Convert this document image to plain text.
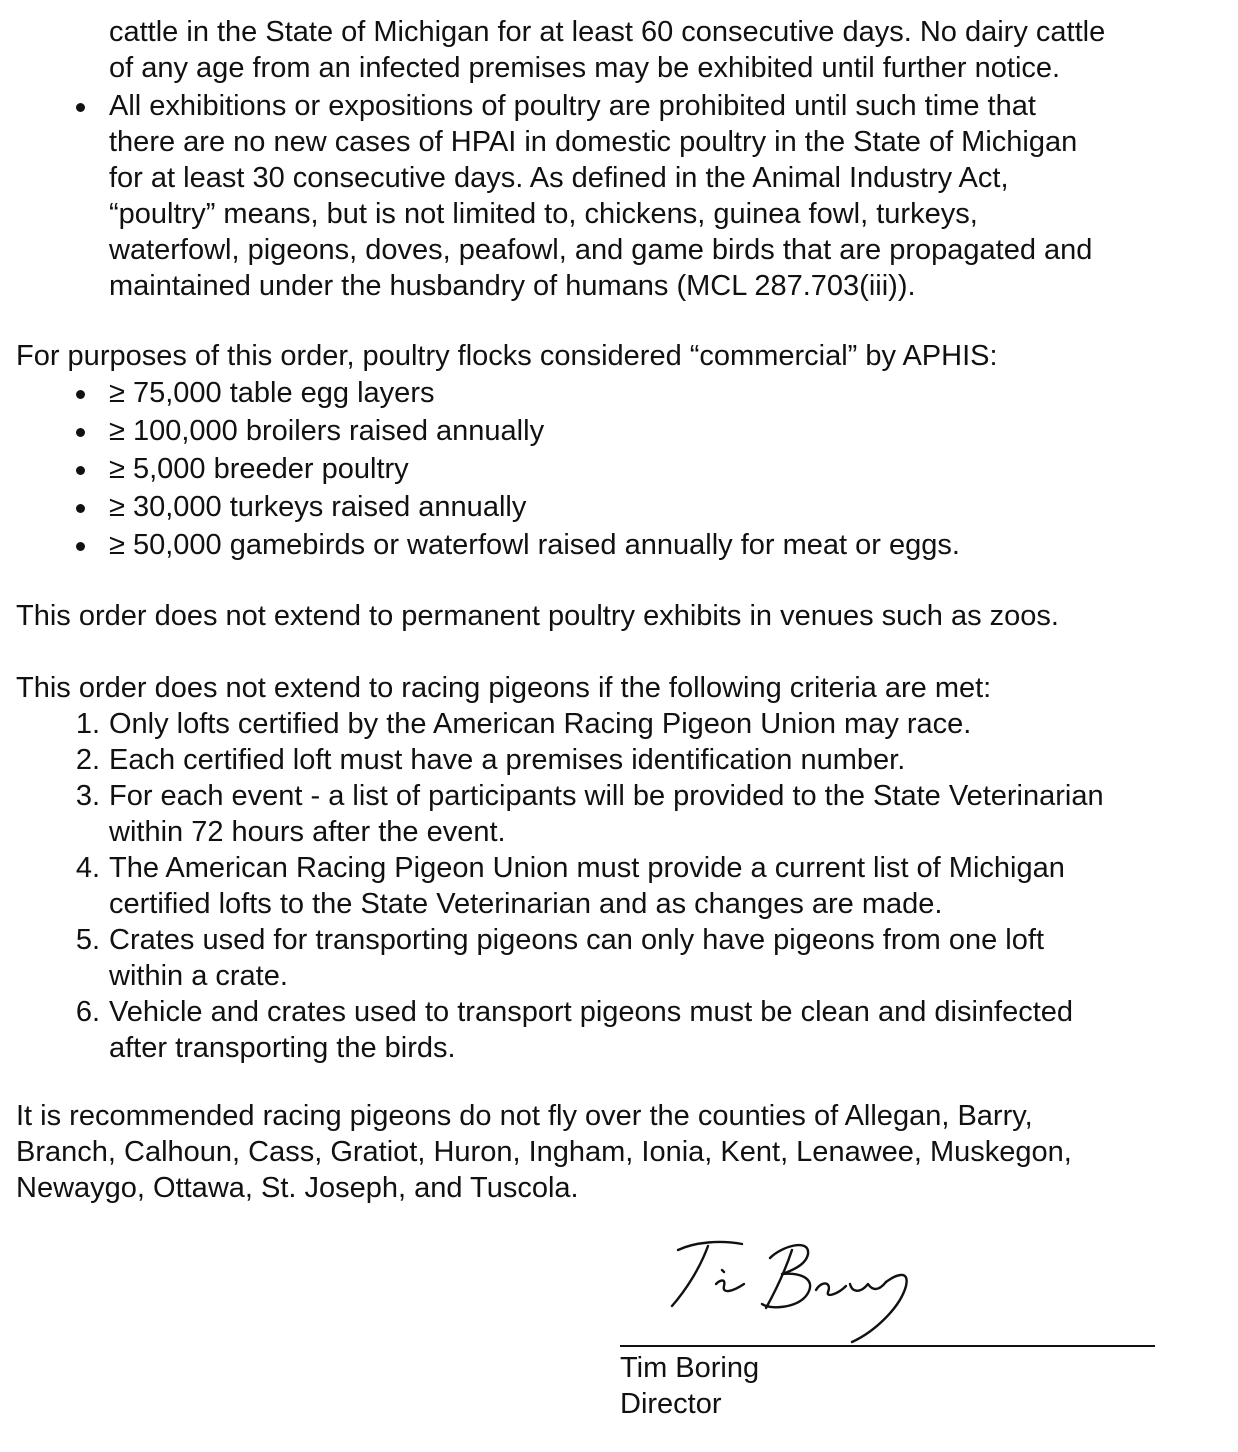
cattle in the State of Michigan for at least 60 consecutive days. No dairy cattle
of any age from an infected premises may be exhibited until further notice.
All exhibitions or expositions of poultry are prohibited until such time that
there are no new cases of HPAI in domestic poultry in the State of Michigan
for at least 30 consecutive days. As defined in the Animal Industry Act,
“poultry” means, but is not limited to, chickens, guinea fowl, turkeys,
waterfowl, pigeons, doves, peafowl, and game birds that are propagated and
maintained under the husbandry of humans (MCL 287.703(iii)).

For purposes of this order, poultry flocks considered “commercial” by APHIS:

≥ 75,000 table egg layers
≥ 100,000 broilers raised annually
≥ 5,000 breeder poultry
≥ 30,000 turkeys raised annually
≥ 50,000 gamebirds or waterfowl raised annually for meat or eggs.

This order does not extend to permanent poultry exhibits in venues such as zoos.

This order does not extend to racing pigeons if the following criteria are met:

1. Only lofts certified by the American Racing Pigeon Union may race.
2. Each certified loft must have a premises identification number.
3. For each event - a list of participants will be provided to the State Veterinarian
within 72 hours after the event.
4. The American Racing Pigeon Union must provide a current list of Michigan
certified lofts to the State Veterinarian and as changes are made.
5. Crates used for transporting pigeons can only have pigeons from one loft
within a crate.
6. Vehicle and crates used to transport pigeons must be clean and disinfected
after transporting the birds.
It is recommended racing pigeons do not fly over the counties of Allegan, Barry,
Branch, Calhoun, Cass, Gratiot, Huron, Ingham, Ionia, Kent, Lenawee, Muskegon,
Newaygo, Ottawa, St. Joseph, and Tuscola.
Tim Boring
Director
